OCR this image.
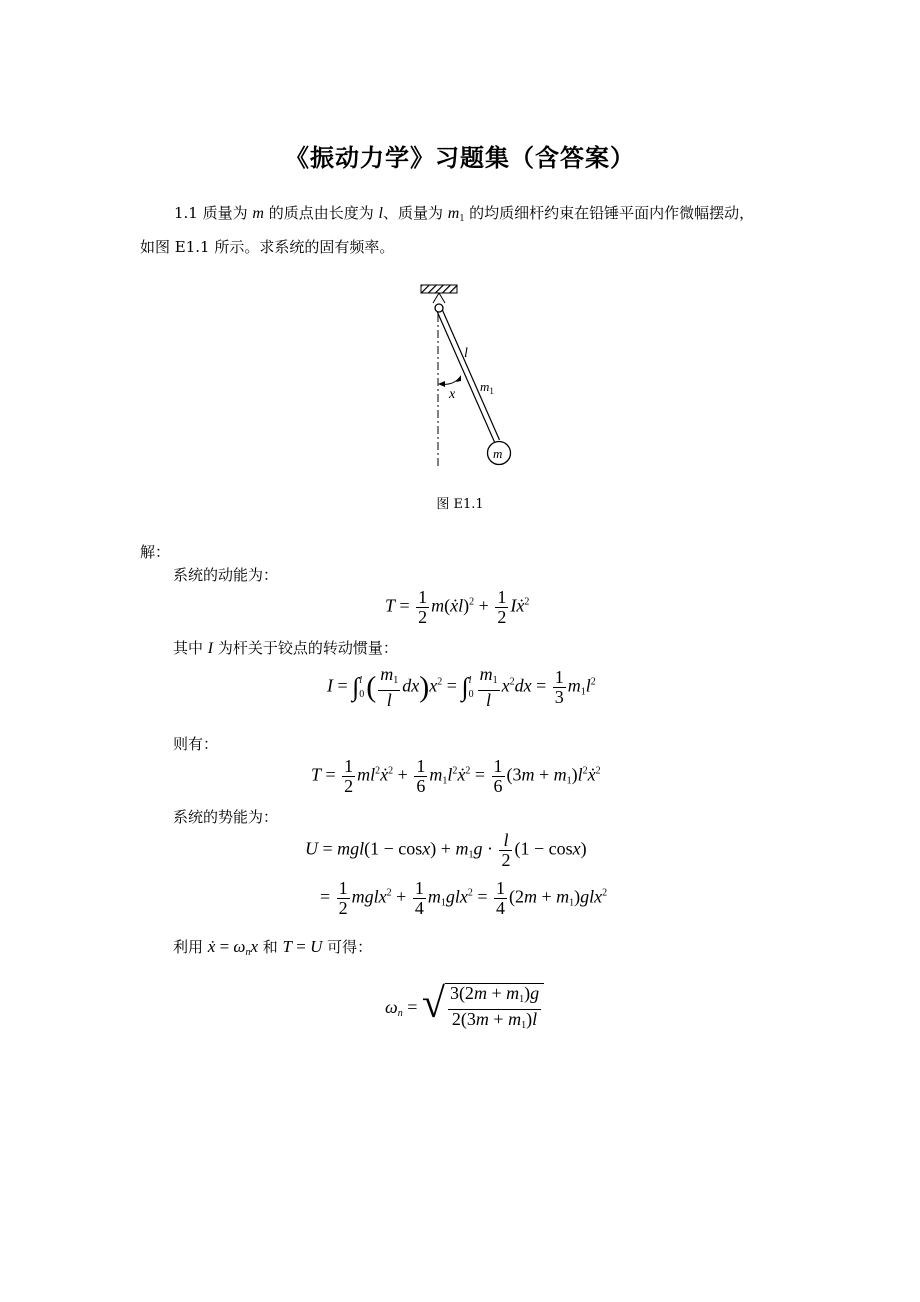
《振动力学》习题集（含答案）
1.1 质量为 m 的质点由长度为 l、质量为 $m_1$ 的均质细杆约束在铅锤平面内作微幅摆动，
如图 E1.1 所示。求系统的固有频率。
l
$m_1$
x
m
图 E1.1
解：
系统的动能为：
$T = \frac{1}{2}$ m(ẋl)$^2$ + $\frac{1}{2}$ Iẋ$^2$
其中 I 为杆关于铰点的转动惯量：
I = ∫l
$0( \frac{m_1}{l} dx)x^2 = \int l$
$0 \frac{m_1}{l} x^2dx = \frac{1}{3} m_1l^2$
则有：
$T = \frac{1}{2}$ $ml^2ẋ^2 + \frac{1}{6}$ $m_1l^2ẋ^2 = \frac{1}{6} (3m$ + $m_1)l^2ẋ^2$
系统的势能为：
$U = mgl(1 - \cos x) + m_1g \cdot \frac{l}{2} (1 - \cos x)$
= $\frac{1}{2}$ mglx$^2$ + $\frac{1}{4} m_1glx^2 = \frac{1}{4} (2m + m_1)glx^2$
利用 ẋ = $\omega_nx$ 和 T = U 可得：
$\omega_n$ = √ $\frac{3(2m + m_1)g}{2(3m + m_1)l}$
